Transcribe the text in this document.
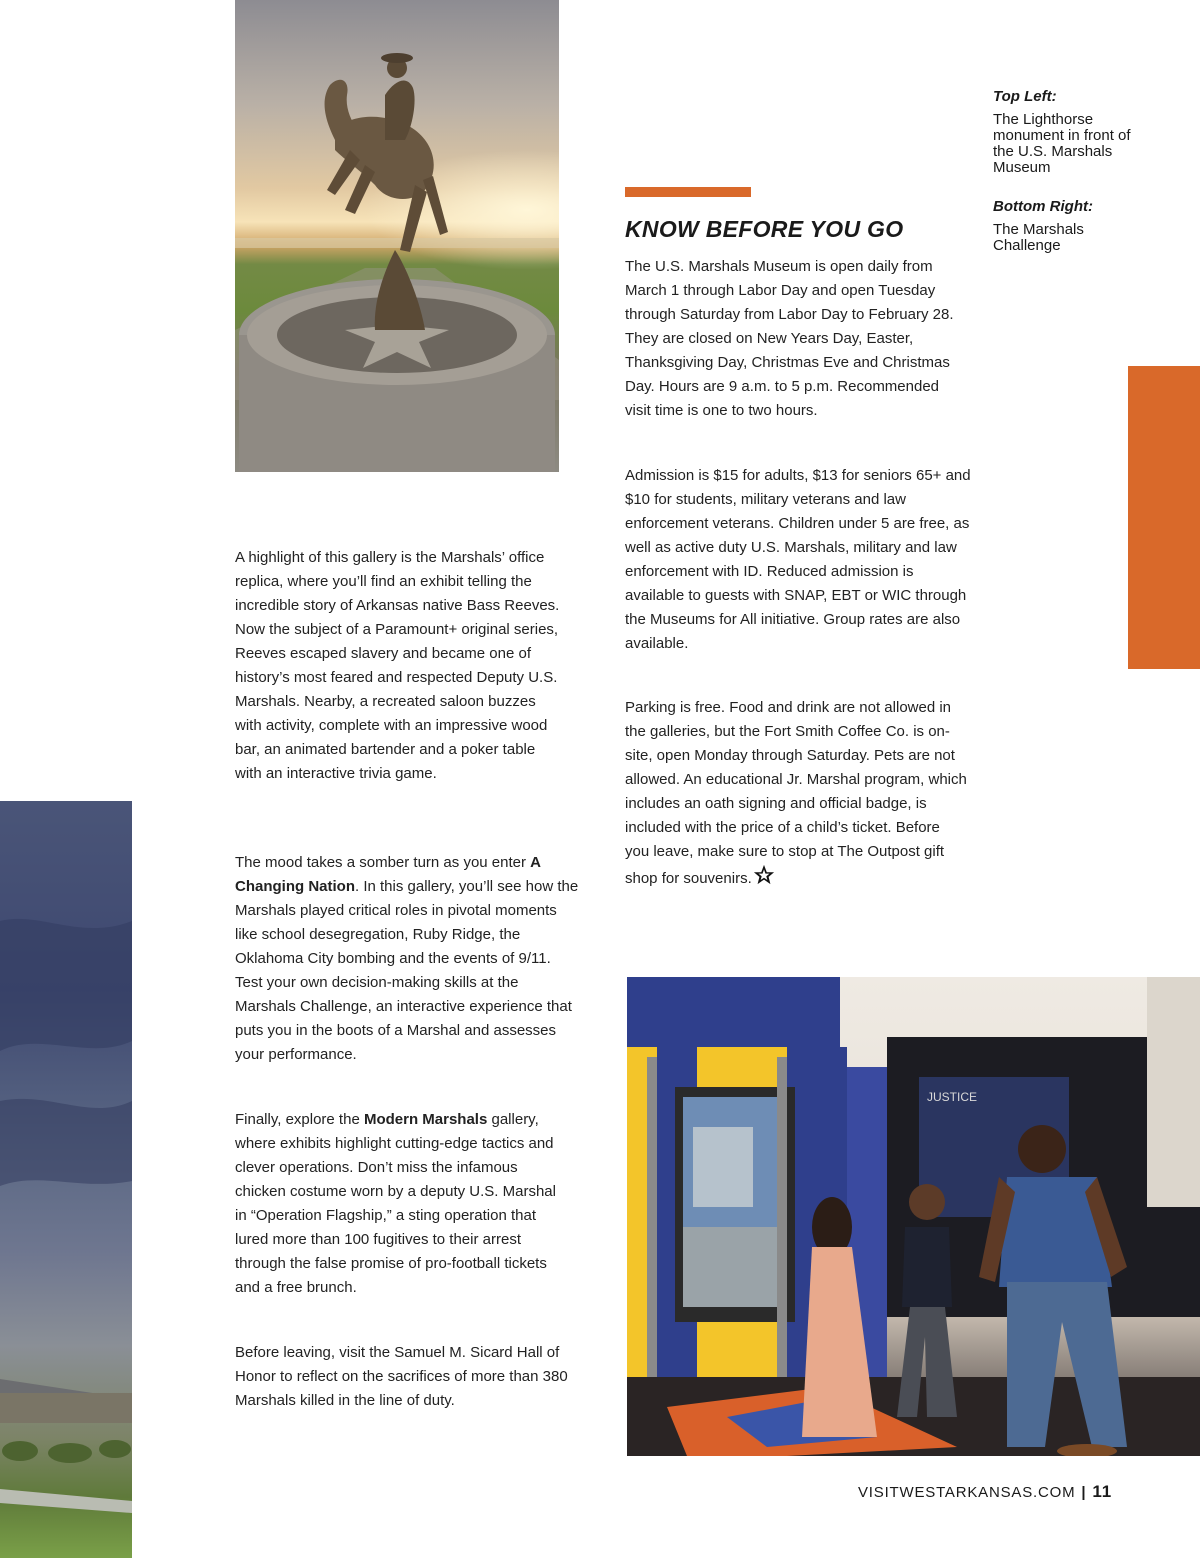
Top Left:

The Lighthorse monument in front of the U.S. Marshals Museum

Bottom Right:

The Marshals Challenge

KNOW BEFORE YOU GO

The U.S. Marshals Museum is open daily from March 1 through Labor Day and open Tuesday through Saturday from Labor Day to February 28. They are closed on New Years Day, Easter, Thanksgiving Day, Christmas Eve and Christmas Day. Hours are 9 a.m. to 5 p.m. Recommended visit time is one to two hours.

Admission is $15 for adults, $13 for seniors 65+ and $10 for students, military veterans and law enforcement veterans. Children under 5 are free, as well as active duty U.S. Marshals, military and law enforcement with ID. Reduced admission is available to guests with SNAP, EBT or WIC through the Museums for All initiative. Group rates are also available.

Parking is free. Food and drink are not allowed in the galleries, but the Fort Smith Coffee Co. is on-site, open Monday through Saturday. Pets are not allowed. An educational Jr. Marshal program, which includes an oath signing and official badge, is included with the price of a child’s ticket. Before you leave, make sure to stop at The Outpost gift shop for souvenirs.

A highlight of this gallery is the Marshals’ office replica, where you’ll find an exhibit telling the incredible story of Arkansas native Bass Reeves. Now the subject of a Paramount+ original series, Reeves escaped slavery and became one of history’s most feared and respected Deputy U.S. Marshals. Nearby, a recreated saloon buzzes with activity, complete with an impressive wood bar, an animated bartender and a poker table with an interactive trivia game.

The mood takes a somber turn as you enter A Changing Nation. In this gallery, you’ll see how the Marshals played critical roles in pivotal moments like school desegregation, Ruby Ridge, the Oklahoma City bombing and the events of 9/11. Test your own decision-making skills at the Marshals Challenge, an interactive experience that puts you in the boots of a Marshal and assesses your performance.

Finally, explore the Modern Marshals gallery, where exhibits highlight cutting-edge tactics and clever operations. Don’t miss the infamous chicken costume worn by a deputy U.S. Marshal in “Operation Flagship,” a sting operation that lured more than 100 fugitives to their arrest through the false promise of pro-football tickets and a free brunch.

Before leaving, visit the Samuel M. Sicard Hall of Honor to reflect on the sacrifices of more than 380 Marshals killed in the line of duty.

JUSTICE
VISITWESTARKANSAS.COM | 11
